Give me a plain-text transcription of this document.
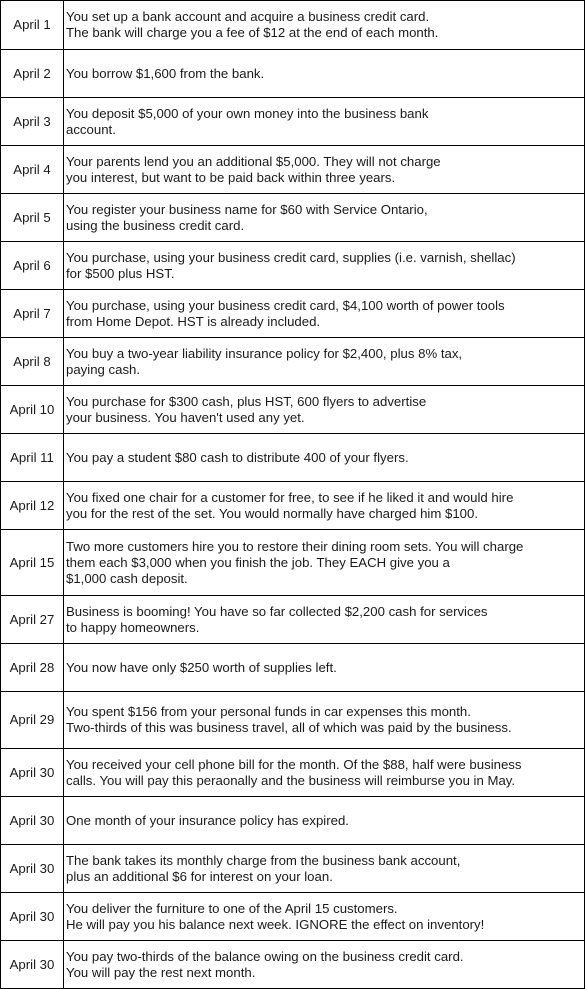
April 1	You set up a bank account and acquire a business credit card.
The bank will charge you a fee of $12 at the end of each month.
April 2	You borrow $1,600 from the bank.
April 3	You deposit $5,000 of your own money into the business bank
account.
April 4	Your parents lend you an additional $5,000. They will not charge
you interest, but want to be paid back within three years.
April 5	You register your business name for $60 with Service Ontario,
using the business credit card.
April 6	You purchase, using your business credit card, supplies (i.e. varnish, shellac)
for $500 plus HST.
April 7	You purchase, using your business credit card, $4,100 worth of power tools
from Home Depot. HST is already included.
April 8	You buy a two-year liability insurance policy for $2,400, plus 8% tax,
paying cash.
April 10	You purchase for $300 cash, plus HST, 600 flyers to advertise
your business. You haven't used any yet.
April 11	You pay a student $80 cash to distribute 400 of your flyers.
April 12	You fixed one chair for a customer for free, to see if he liked it and would hire
you for the rest of the set. You would normally have charged him $100.
April 15	Two more customers hire you to restore their dining room sets. You will charge
them each $3,000 when you finish the job. They EACH give you a
$1,000 cash deposit.
April 27	Business is booming! You have so far collected $2,200 cash for services
to happy homeowners.
April 28	You now have only $250 worth of supplies left.
April 29	You spent $156 from your personal funds in car expenses this month.
Two-thirds of this was business travel, all of which was paid by the business.
April 30	You received your cell phone bill for the month. Of the $88, half were business
calls. You will pay this peraonally and the business will reimburse you in May.
April 30	One month of your insurance policy has expired.
April 30	The bank takes its monthly charge from the business bank account,
plus an additional $6 for interest on your loan.
April 30	You deliver the furniture to one of the April 15 customers.
He will pay you his balance next week. IGNORE the effect on inventory!
April 30	You pay two-thirds of the balance owing on the business credit card.
You will pay the rest next month.
